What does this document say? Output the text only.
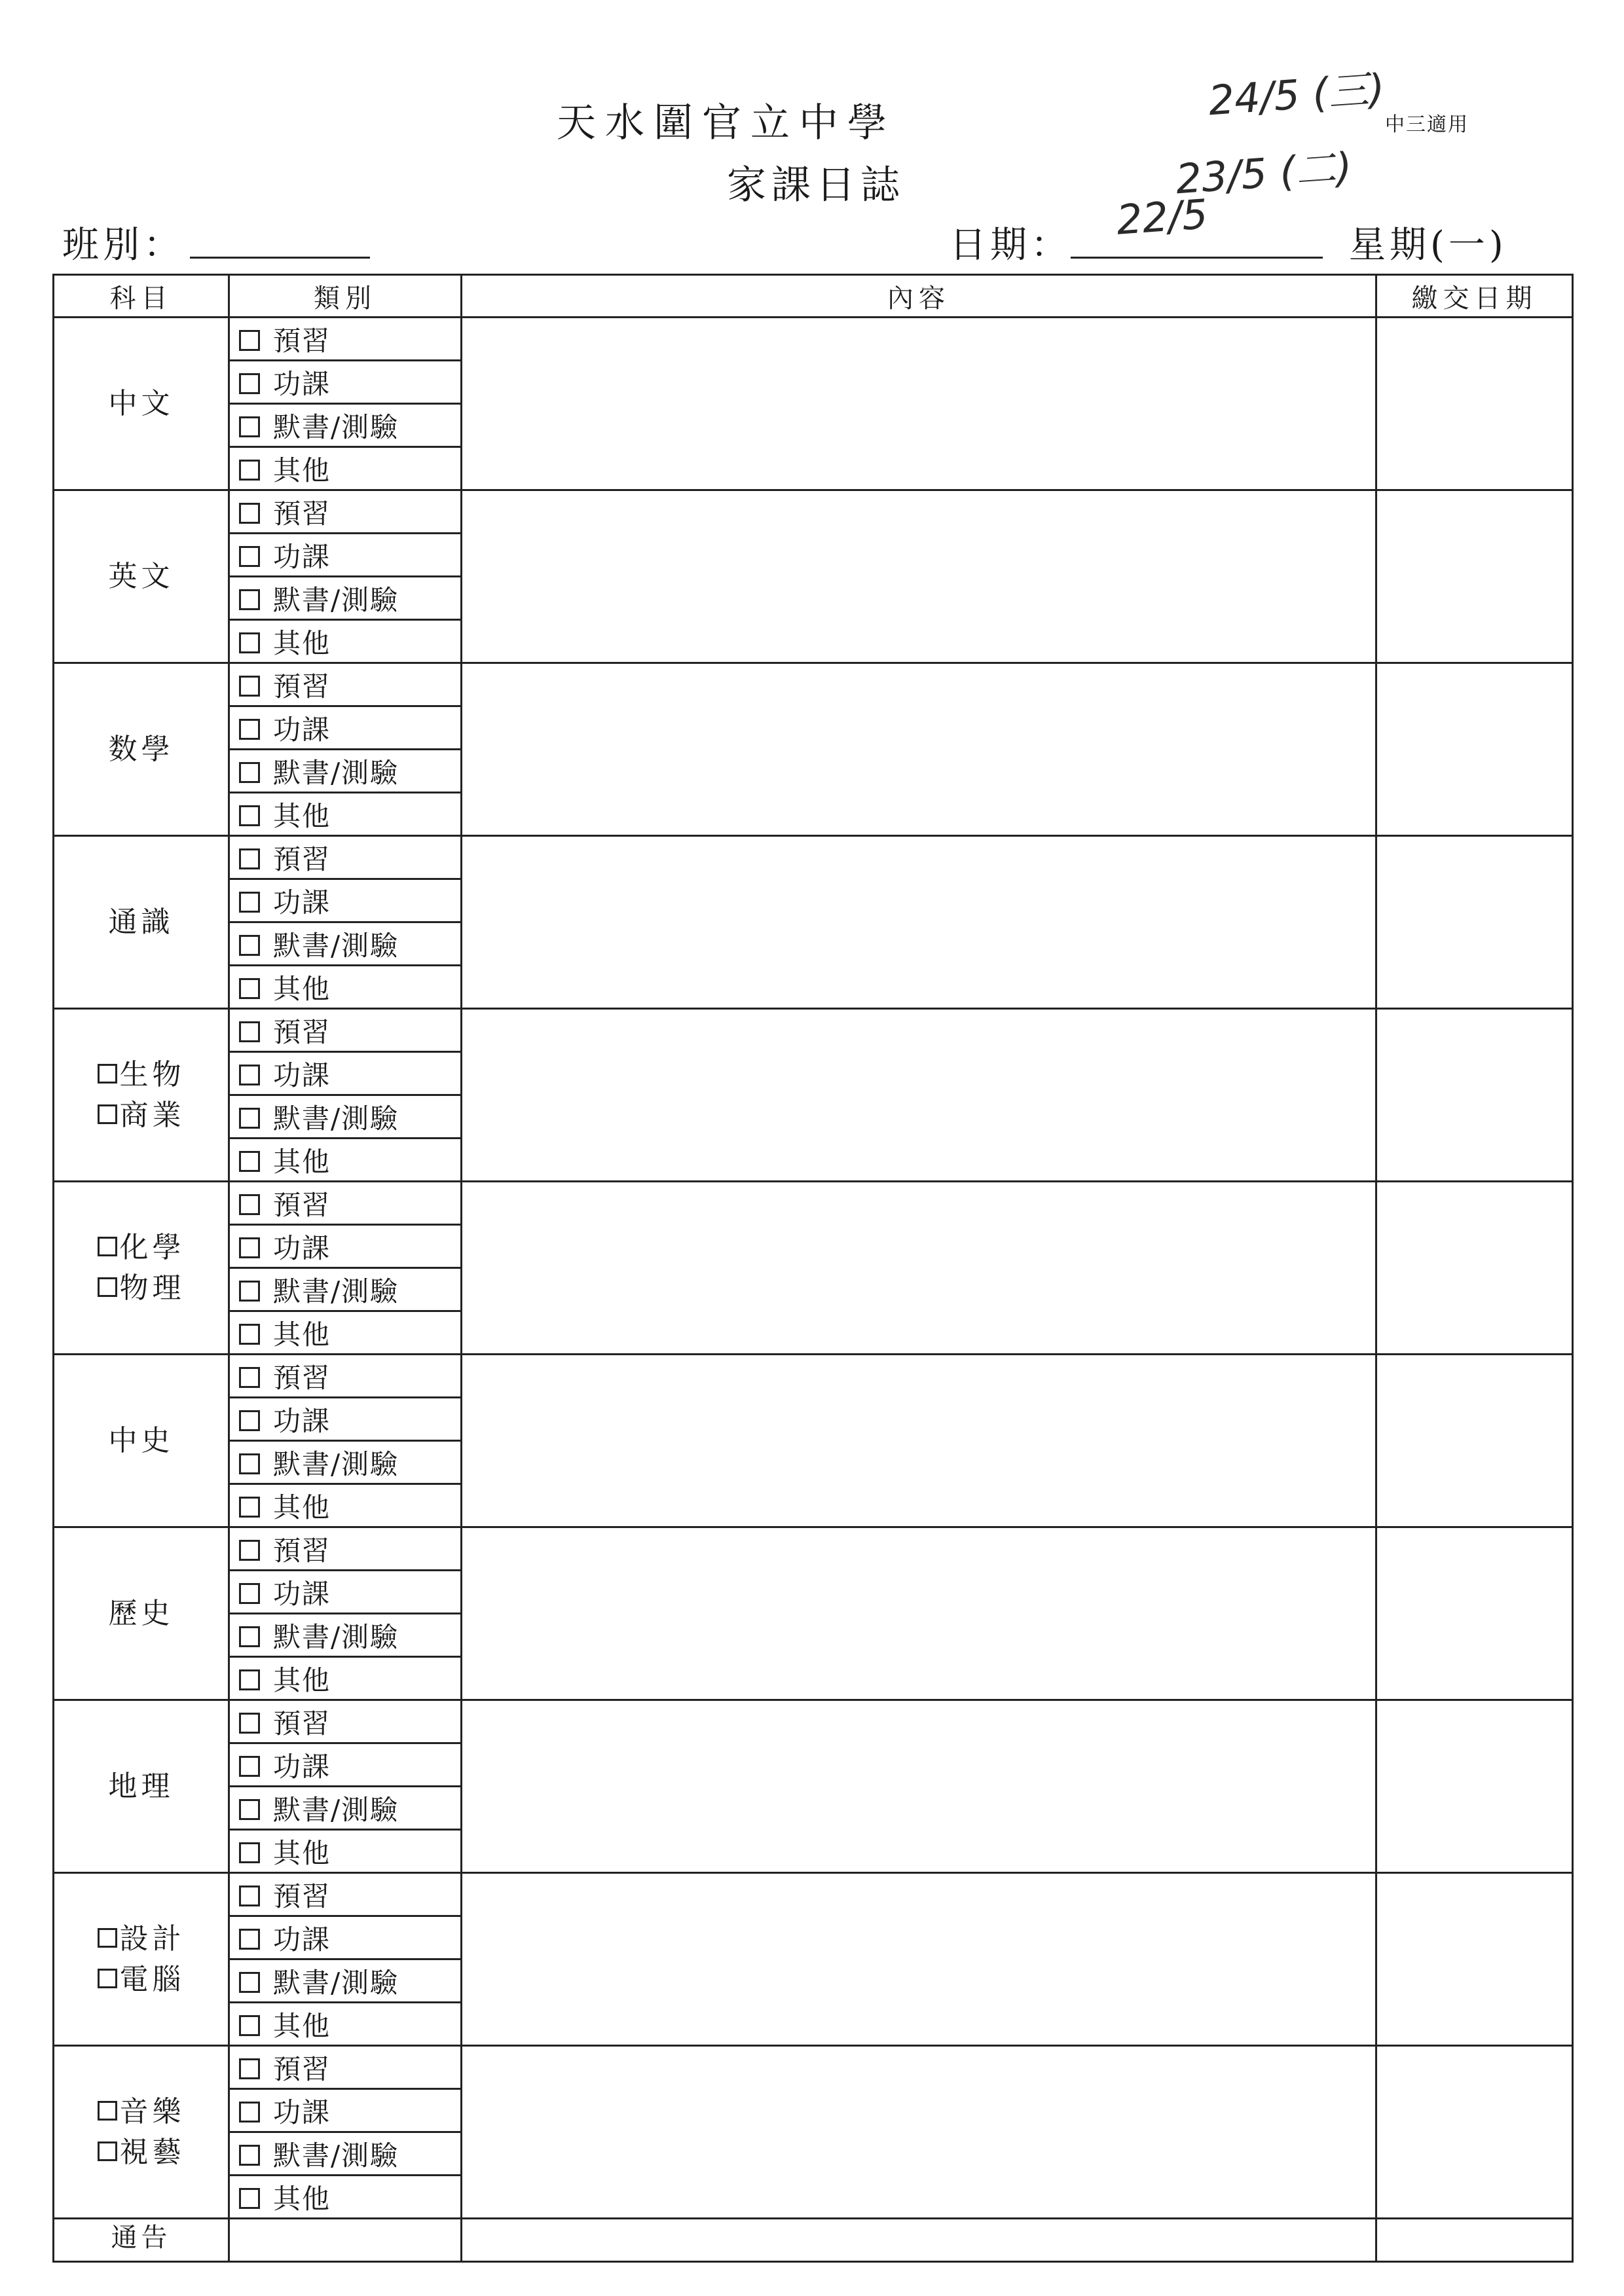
天水圍官立中學
家課日誌
中三適用
24/5 (三)
23/5 (二)
22/5
班別：	日期：	星期(一)
科目	類別	內容	繳交日期

中文	預習		
	功課		
	默書/測驗		
	其他		

英文	預習		
	功課		
	默書/測驗		
	其他		

数學	預習		
	功課		
	默書/測驗		
	其他		

通識	預習		
	功課		
	默書/測驗		
	其他		

生物
商業	預習		
	功課		
	默書/測驗		
	其他		

化學
物理	預習		
	功課		
	默書/測驗		
	其他		

中史	預習		
	功課		
	默書/測驗		
	其他		

歷史	預習		
	功課		
	默書/測驗		
	其他		

地理	預習		
	功課		
	默書/測驗		
	其他		

設計
電腦	預習		
	功課		
	默書/測驗		
	其他		

音樂
視藝	預習		
	功課		
	默書/測驗		
	其他		
通告			
